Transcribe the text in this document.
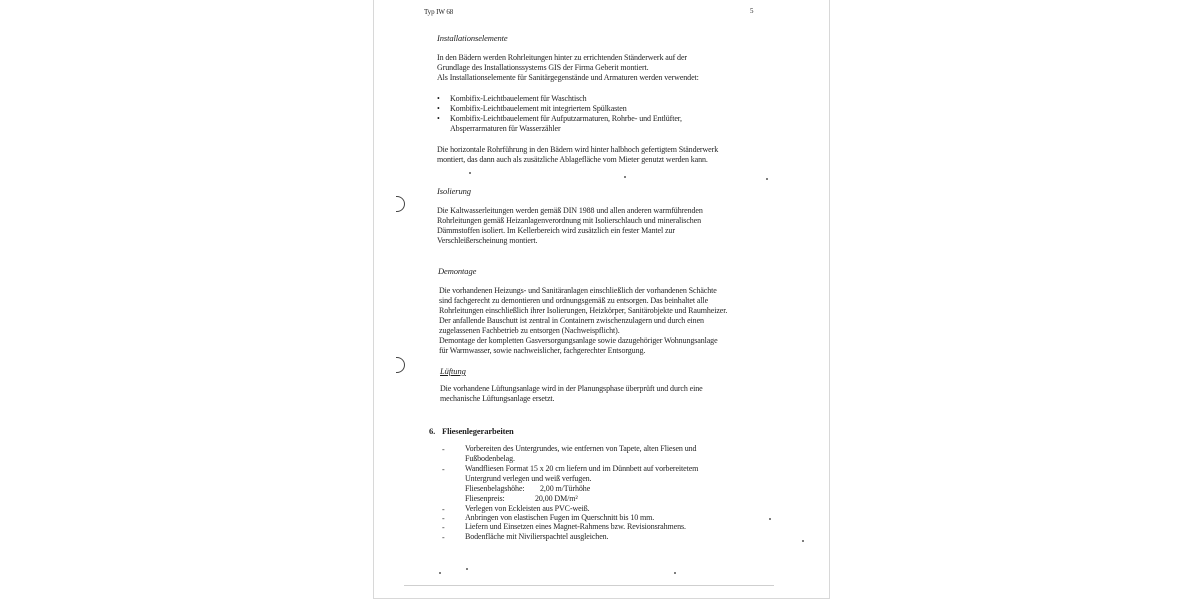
Typ IW 68	5
Installationselemente
In den Bädern werden Rohrleitungen hinter zu errichtenden Ständerwerk auf der
Grundlage des Installationssystems GIS der Firma Geberit montiert.
Als Installationselemente für Sanitärgegenstände und Armaturen werden verwendet:
• Kombifix-Leichtbauelement für Waschtisch
• Kombifix-Leichtbauelement mit integriertem Spülkasten
• Kombifix-Leichtbauelement für Aufputzarmaturen, Rohrbe- und Entlüfter,
Absperrarmaturen für Wasserzähler
Die horizontale Rohrführung in den Bädern wird hinter halbhoch gefertigtem Ständerwerk
montiert, das dann auch als zusätzliche Ablagefläche vom Mieter genutzt werden kann.
Isolierung
Die Kaltwasserleitungen werden gemäß DIN 1988 und allen anderen warmführenden
Rohrleitungen gemäß Heizanlagenverordnung mit Isolierschlauch und mineralischen
Dämmstoffen isoliert. Im Kellerbereich wird zusätzlich ein fester Mantel zur
Verschleißerscheinung montiert.
Demontage
Die vorhandenen Heizungs- und Sanitäranlagen einschließlich der vorhandenen Schächte
sind fachgerecht zu demontieren und ordnungsgemäß zu entsorgen. Das beinhaltet alle
Rohrleitungen einschließlich ihrer Isolierungen, Heizkörper, Sanitärobjekte und Raumheizer.
Der anfallende Bauschutt ist zentral in Containern zwischenzulagern und durch einen
zugelassenen Fachbetrieb zu entsorgen (Nachweispflicht).
Demontage der kompletten Gasversorgungsanlage sowie dazugehöriger Wohnungsanlage
für Warmwasser, sowie nachweislicher, fachgerechter Entsorgung.
Lüftung
Die vorhandene Lüftungsanlage wird in der Planungsphase überprüft und durch eine
mechanische Lüftungsanlage ersetzt.
6. Fliesenlegerarbeiten
-	Vorbereiten des Untergrundes, wie entfernen von Tapete, alten Fliesen und
Fußbodenbelag.
-	Wandfliesen Format 15 x 20 cm liefern und im Dünnbett auf vorbereitetem
Untergrund verlegen und weiß verfugen.
Fliesenbelagshöhe: 2,00 m/Türhöhe
Fliesenpreis:	20,00 DM/m²
-	Verlegen von Eckleisten aus PVC-weiß.
-	Anbringen von elastischen Fugen im Querschnitt bis 10 mm.
-	Liefern und Einsetzen eines Magnet-Rahmens bzw. Revisionsrahmens.
-	Bodenfläche mit Nivilierspachtel ausgleichen.
